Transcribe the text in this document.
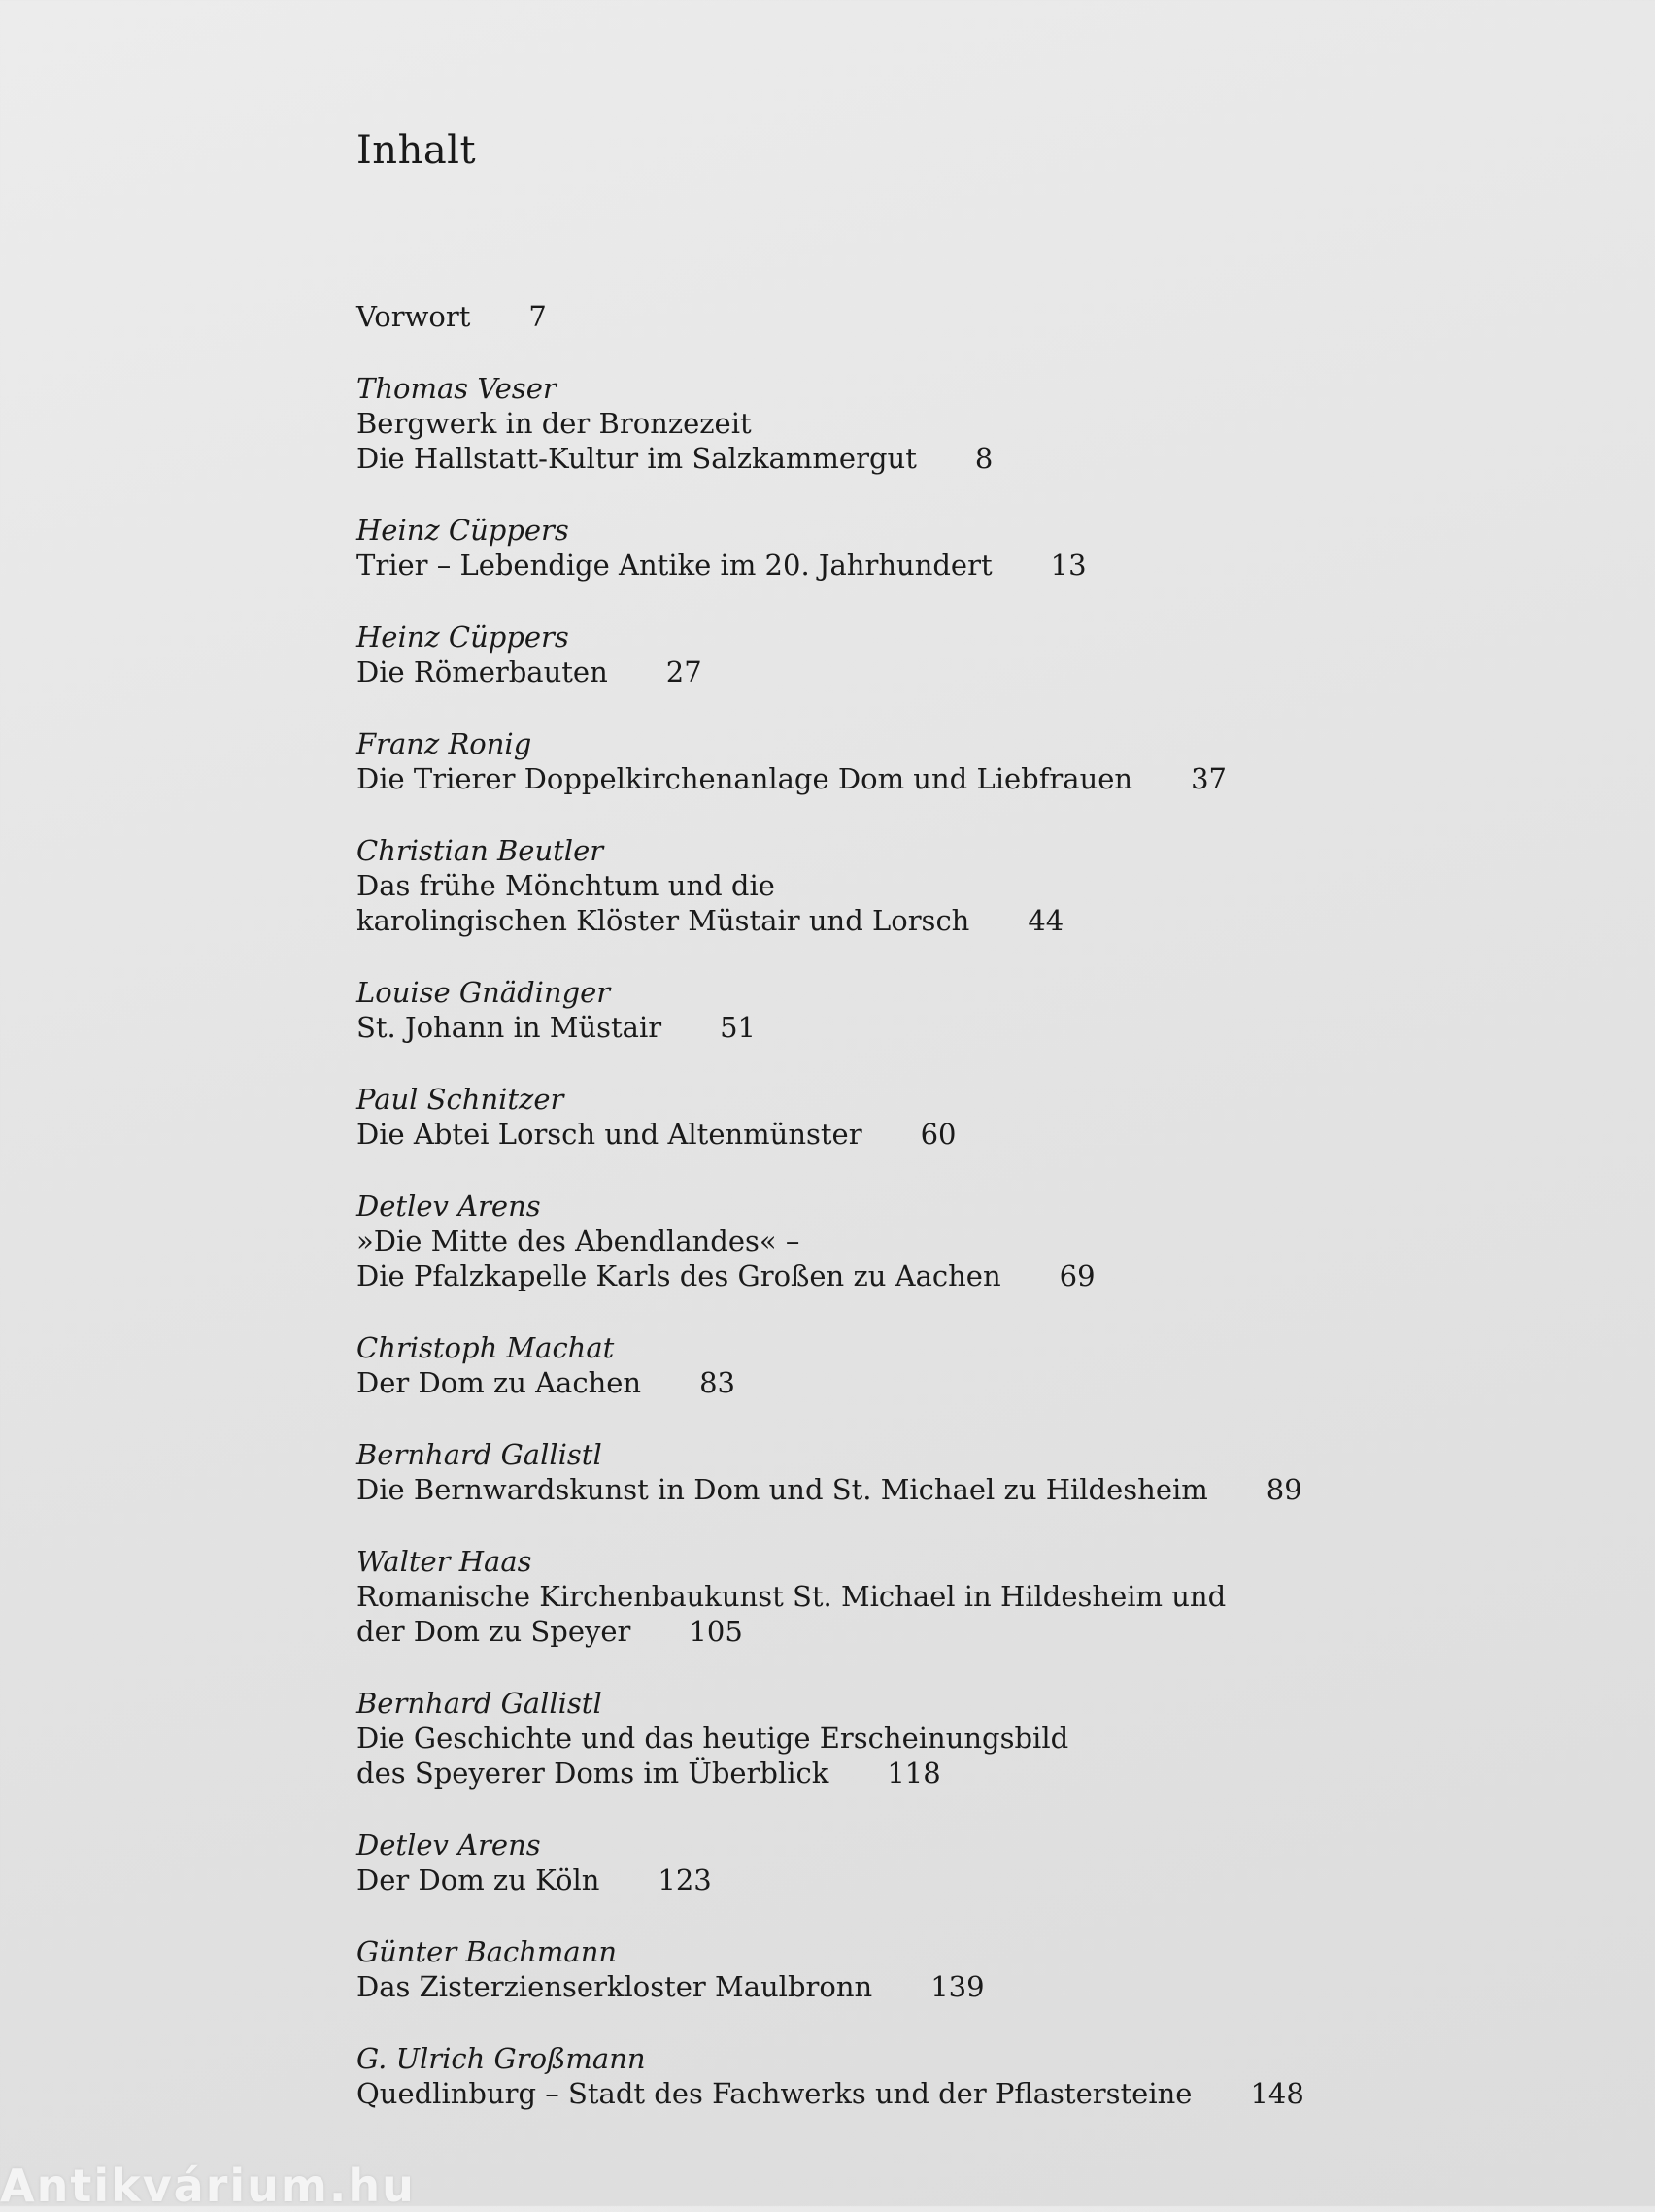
Inhalt
Vorwort 7
Thomas Veser
Bergwerk in der Bronzezeit
Die Hallstatt-Kultur im Salzkammergut 8
Heinz Cüppers
Trier – Lebendige Antike im 20. Jahrhundert 13
Heinz Cüppers
Die Römerbauten 27
Franz Ronig
Die Trierer Doppelkirchenanlage Dom und Liebfrauen 37
Christian Beutler
Das frühe Mönchtum und die
karolingischen Klöster Müstair und Lorsch 44
Louise Gnädinger
St. Johann in Müstair 51
Paul Schnitzer
Die Abtei Lorsch und Altenmünster 60
Detlev Arens
»Die Mitte des Abendlandes« –
Die Pfalzkapelle Karls des Großen zu Aachen 69
Christoph Machat
Der Dom zu Aachen 83
Bernhard Gallistl
Die Bernwardskunst in Dom und St. Michael zu Hildesheim 89
Walter Haas
Romanische Kirchenbaukunst St. Michael in Hildesheim und
der Dom zu Speyer 105
Bernhard Gallistl
Die Geschichte und das heutige Erscheinungsbild
des Speyerer Doms im Überblick 118
Detlev Arens
Der Dom zu Köln 123
Günter Bachmann
Das Zisterzienserkloster Maulbronn 139
G. Ulrich Großmann
Quedlinburg – Stadt des Fachwerks und der Pflastersteine 148
Antikvárium.hu
